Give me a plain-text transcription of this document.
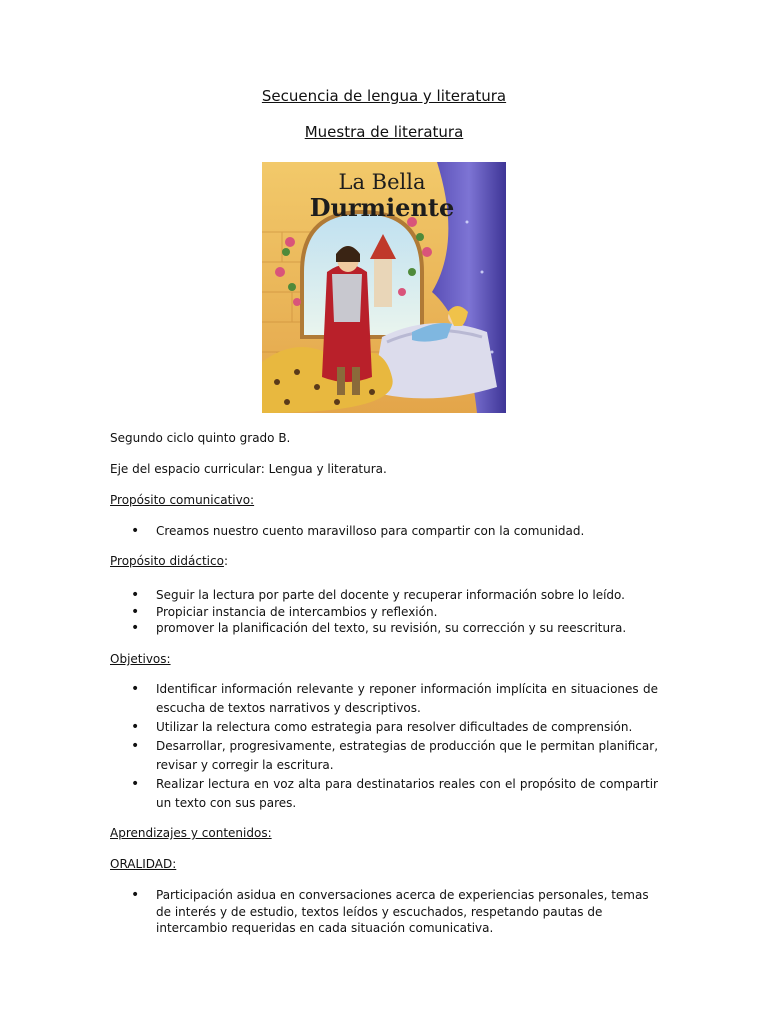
Secuencia de lengua y literatura
Muestra de literatura
La Bella
Durmiente

Segundo ciclo quinto grado B.

Eje del espacio curricular: Lengua y literatura.

Propósito comunicativo:

• Creamos nuestro cuento maravilloso para compartir con la comunidad.

Propósito didáctico:

• Seguir la lectura por parte del docente y recuperar información sobre lo leído.
• Propiciar instancia de intercambios y reflexión.
• promover la planificación del texto, su revisión, su corrección y su reescritura.

Objetivos:

• Identificar información relevante y reponer información implícita en situaciones de escucha de textos narrativos y descriptivos.
• Utilizar la relectura como estrategia para resolver dificultades de comprensión.
• Desarrollar, progresivamente, estrategias de producción que le permitan planificar, revisar y corregir la escritura.
• Realizar lectura en voz alta para destinatarios reales con el propósito de compartir un texto con sus pares.

Aprendizajes y contenidos:

ORALIDAD:

• Participación asidua en conversaciones acerca de experiencias personales, temas de interés y de estudio, textos leídos y escuchados, respetando pautas de intercambio requeridas en cada situación comunicativa.
